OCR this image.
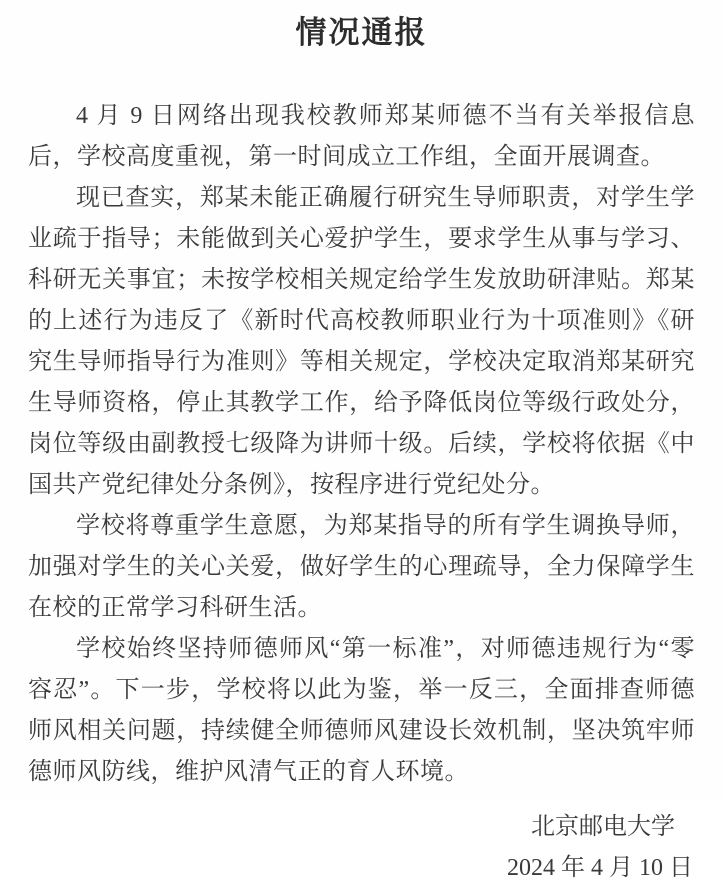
情况通报

4 月 9 日网络出现我校教师郑某师德不当有关举报信息后，学校高度重视，第一时间成立工作组，全面开展调查。

现已查实，郑某未能正确履行研究生导师职责，对学生学业疏于指导；未能做到关心爱护学生，要求学生从事与学习、科研无关事宜；未按学校相关规定给学生发放助研津贴。郑某的上述行为违反了《新时代高校教师职业行为十项准则》《研究生导师指导行为准则》等相关规定，学校决定取消郑某研究生导师资格，停止其教学工作，给予降低岗位等级行政处分，岗位等级由副教授七级降为讲师十级。后续，学校将依据《中国共产党纪律处分条例》，按程序进行党纪处分。

学校将尊重学生意愿，为郑某指导的所有学生调换导师，加强对学生的关心关爱，做好学生的心理疏导，全力保障学生在校的正常学习科研生活。

学校始终坚持师德师风“第一标准”，对师德违规行为“零容忍”。下一步，学校将以此为鉴，举一反三，全面排查师德师风相关问题，持续健全师德师风建设长效机制，坚决筑牢师德师风防线，维护风清气正的育人环境。

北京邮电大学
2024 年 4 月 10 日
